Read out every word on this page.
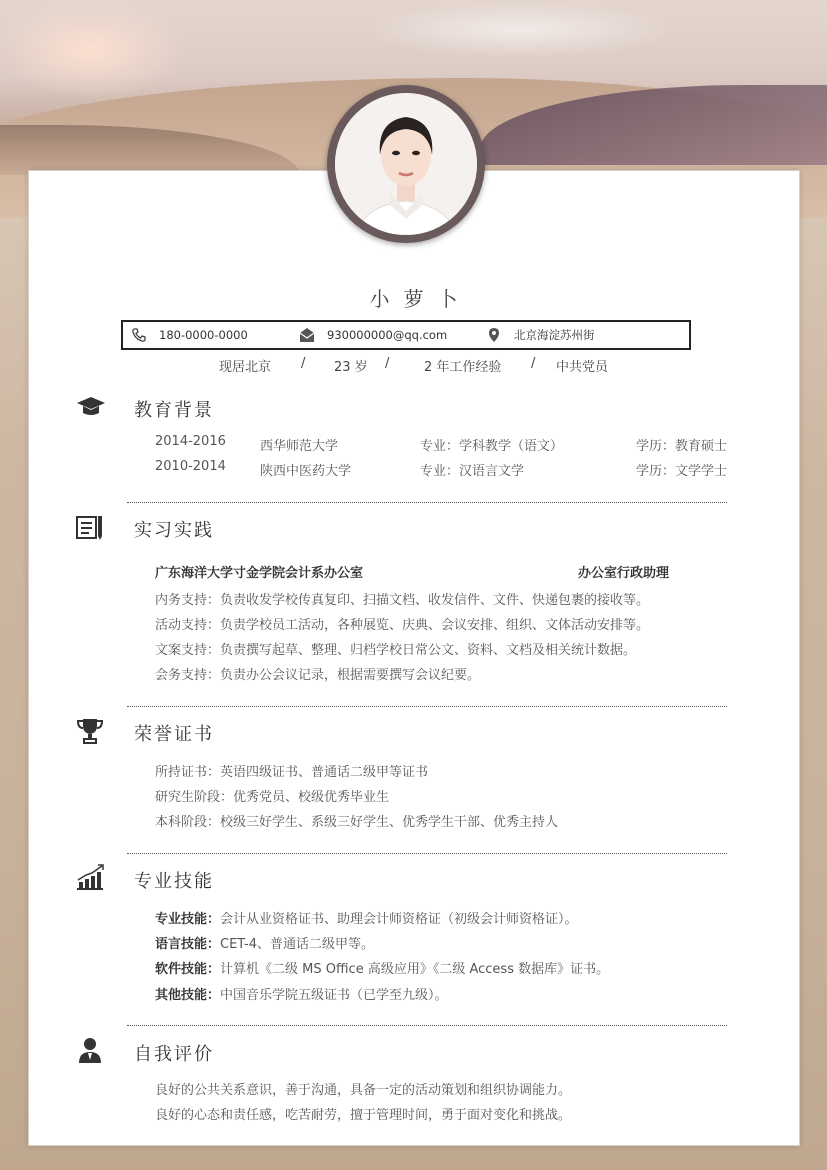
小萝卜
180-0000-0000	930000000@qq.com	北京海淀苏州街
现居北京 / 23 岁 /	2 年工作经验 / 中共党员
教育背景
2014-2016	西华师范大学	专业：学科教学（语文）	学历：教育硕士
2010-2014	陕西中医药大学	专业：汉语言文学	学历：文学学士
实习实践
广东海洋大学寸金学院会计系办公室	办公室行政助理
内务支持：负责收发学校传真复印、扫描文档、收发信件、文件、快递包裹的接收等。
活动支持：负责学校员工活动，各种展览、庆典、会议安排、组织、文体活动安排等。
文案支持：负责撰写起草、整理、归档学校日常公文、资料、文档及相关统计数据。
会务支持：负责办公会议记录，根据需要撰写会议纪要。
荣誉证书
所持证书：英语四级证书、普通话二级甲等证书
研究生阶段：优秀党员、校级优秀毕业生
本科阶段：校级三好学生、系级三好学生、优秀学生干部、优秀主持人
专业技能
专业技能：会计从业资格证书、助理会计师资格证（初级会计师资格证）。
语言技能：CET-4、普通话二级甲等。
软件技能：计算机《二级 MS Office 高级应用》《二级 Access 数据库》证书。
其他技能：中国音乐学院五级证书（已学至九级）。
自我评价
良好的公共关系意识，善于沟通，具备一定的活动策划和组织协调能力。
良好的心态和责任感，吃苦耐劳，擅于管理时间，勇于面对变化和挑战。
